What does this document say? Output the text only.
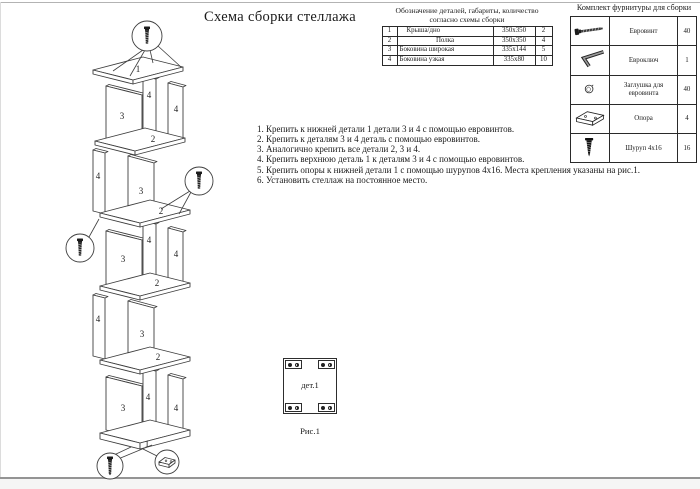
Схема сборки стеллажа	Обозначение деталей, габариты, количество
согласно схемы сборки
1	Крыша/дно	350х350	2
2	Полка	350х350	4
3	Боковина широкая	335х144	5
4	Боковина узкая	335х80	10
Комплект фурнитуры для сборки
	Евровинт	40
	Евроключ	1
	Заглушка для евровинта	40
	Опора	4
	Шуруп 4х16	16
1. Крепить к нижней детали 1 детали 3 и 4 с помощью евровинтов.
2. Крепить к деталям 3 и 4 деталь с помощью евровинтов.
3. Аналогично крепить все детали 2, 3 и 4.
4. Крепить верхнюю деталь 1 к деталям 3 и 4 с помощью евровинтов.
5. Крепить опоры к нижней детали 1 с помощью шурупов 4х16. Места крепления указаны на рис.1.
6. Установить стеллаж на постоянное место.
3
4
4
4
3
3
4
4
4
3
3
4
4
1
2
2
2
2
1
дет.1
Рис.1
